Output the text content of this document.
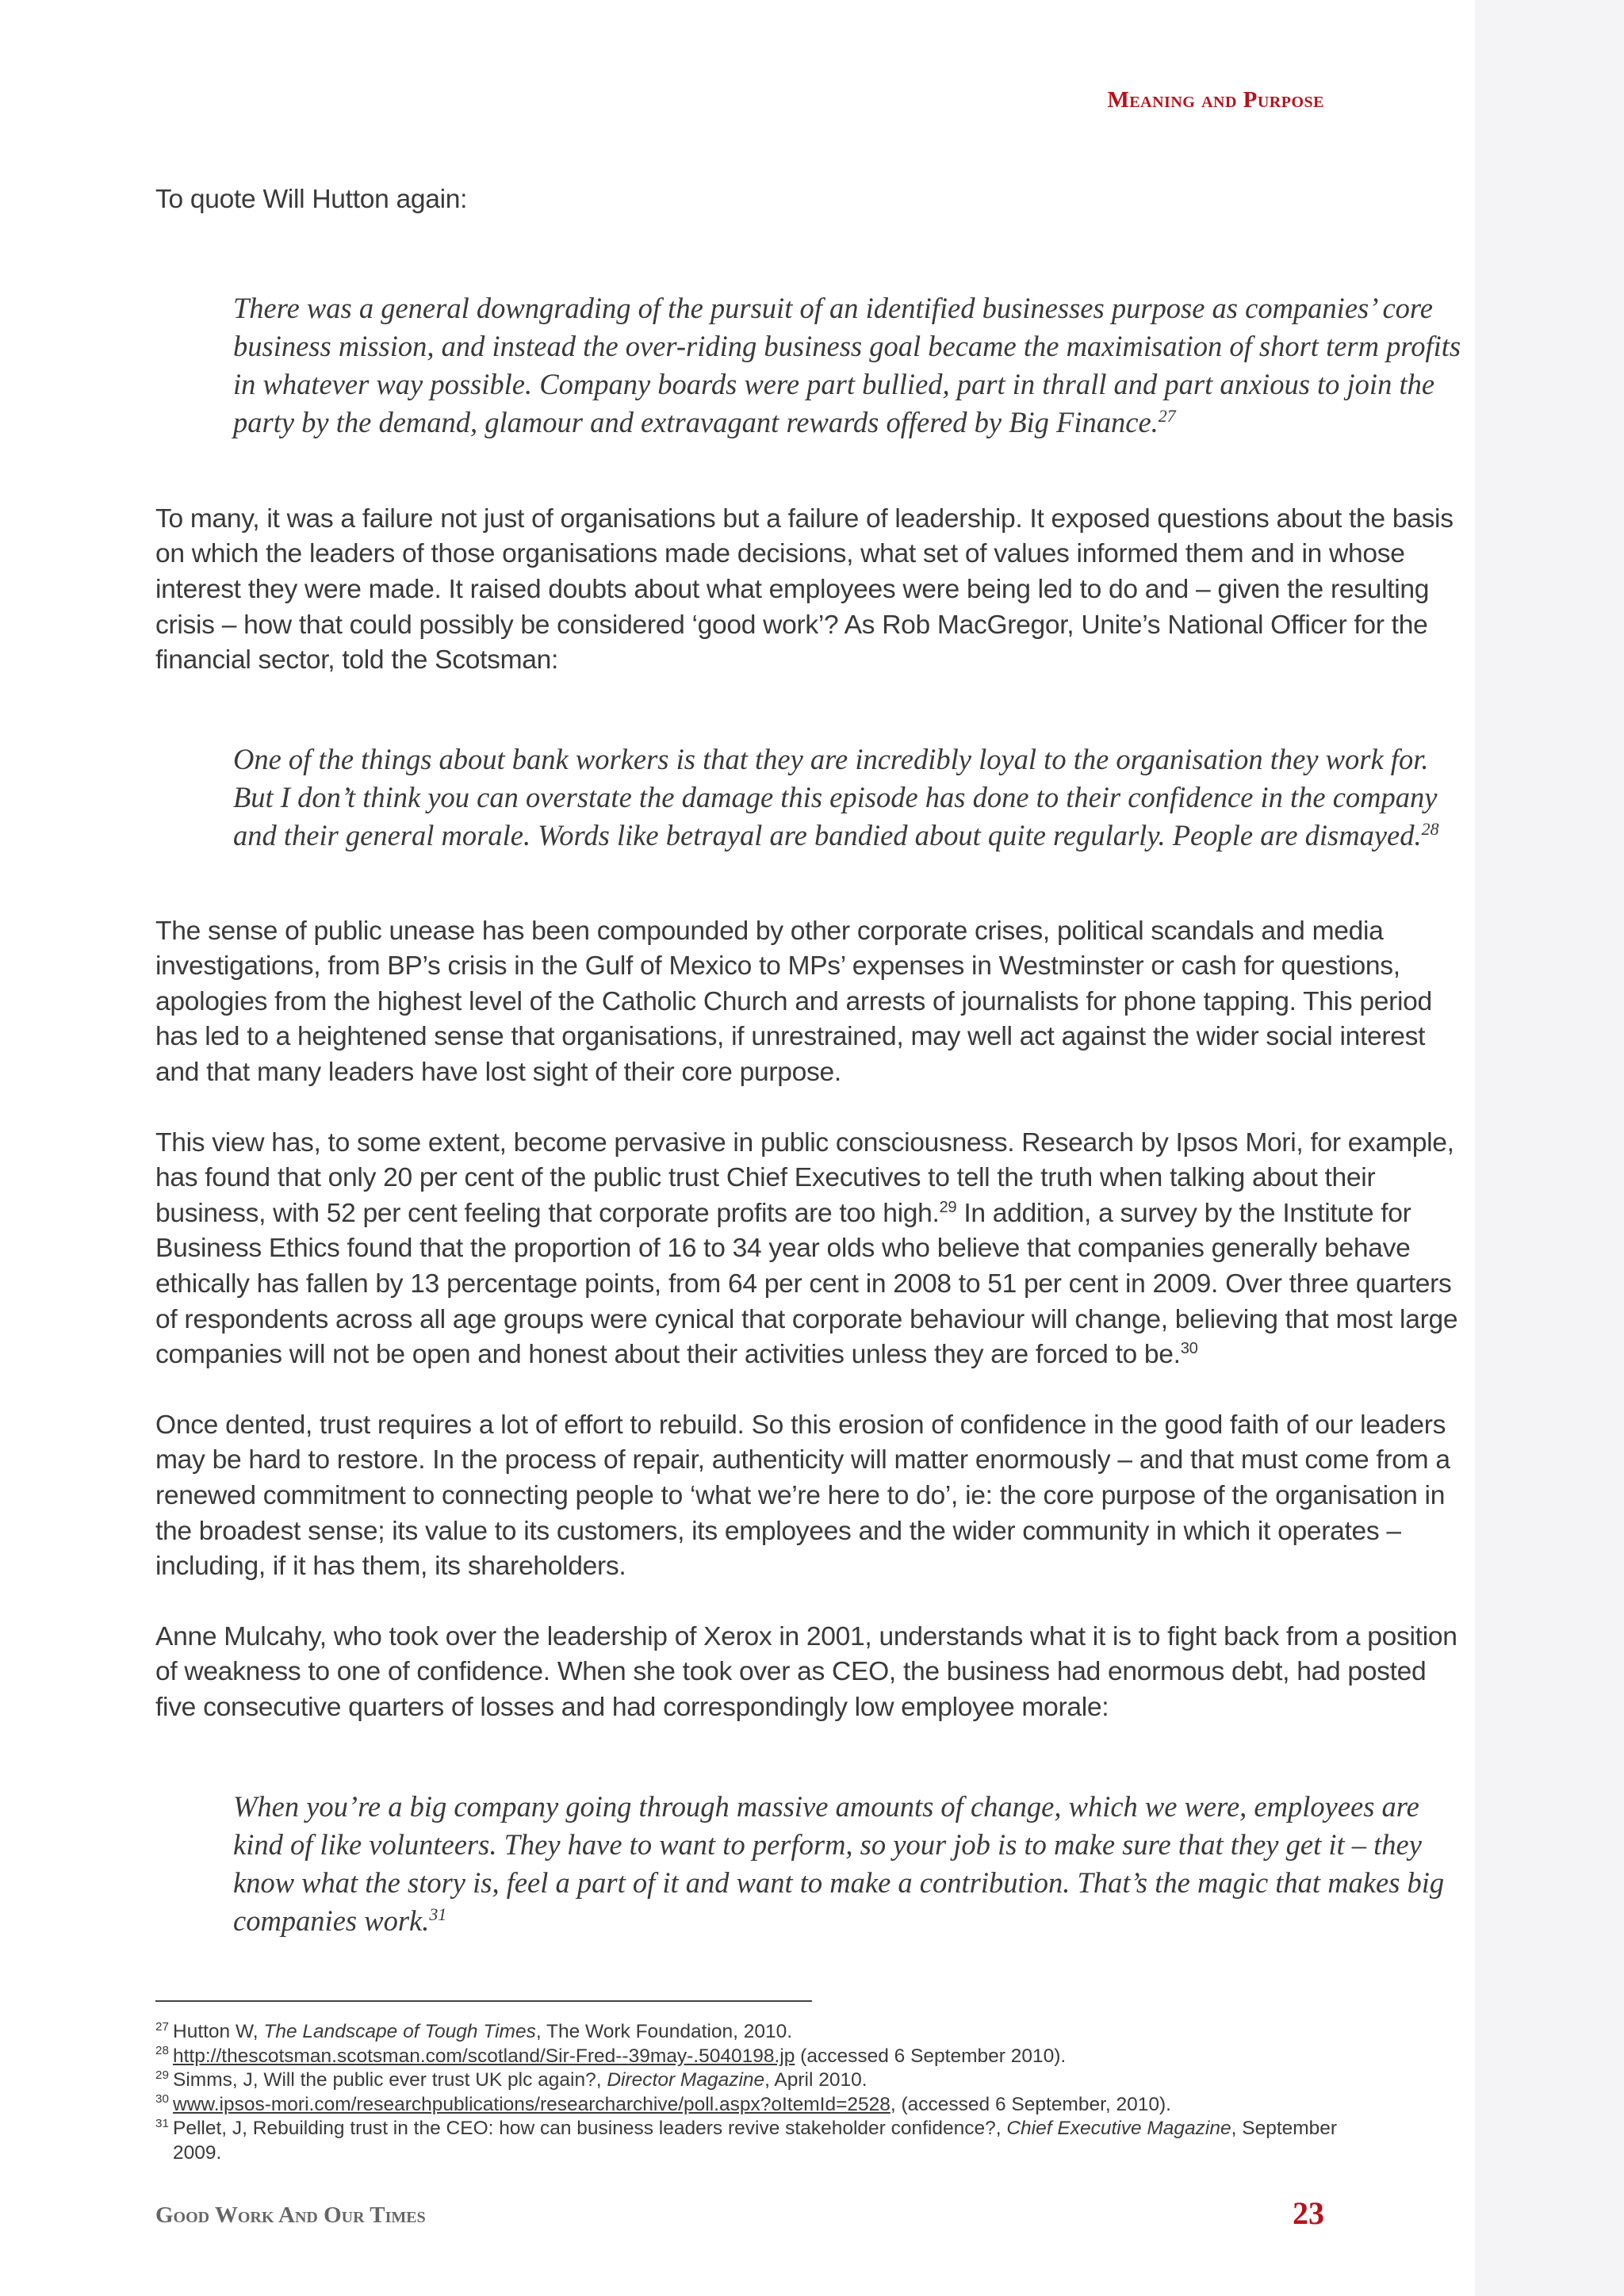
Meaning and Purpose

To quote Will Hutton again:

There was a general downgrading of the pursuit of an identified businesses purpose as companies’ core business mission, and instead the over-riding business goal became the maximisation of short term profits in whatever way possible. Company boards were part bullied, part in thrall and part anxious to join the party by the demand, glamour and extravagant rewards offered by Big Finance.$^{27}$

To many, it was a failure not just of organisations but a failure of leadership. It exposed questions about the basis on which the leaders of those organisations made decisions, what set of values informed them and in whose interest they were made. It raised doubts about what employees were being led to do and – given the resulting crisis – how that could possibly be considered ‘good work’? As Rob MacGregor, Unite’s National Officer for the financial sector, told the Scotsman:

One of the things about bank workers is that they are incredibly loyal to the organisation they work for. But I don’t think you can overstate the damage this episode has done to their confidence in the company and their general morale. Words like betrayal are bandied about quite regularly. People are dismayed.$^{28}$

The sense of public unease has been compounded by other corporate crises, political scandals and media investigations, from BP’s crisis in the Gulf of Mexico to MPs’ expenses in Westminster or cash for questions, apologies from the highest level of the Catholic Church and arrests of journalists for phone tapping. This period has led to a heightened sense that organisations, if unrestrained, may well act against the wider social interest and that many leaders have lost sight of their core purpose.

This view has, to some extent, become pervasive in public consciousness. Research by Ipsos Mori, for example, has found that only 20 per cent of the public trust Chief Executives to tell the truth when talking about their business, with 52 per cent feeling that corporate profits are too high.$^{29}$ In addition, a survey by the Institute for Business Ethics found that the proportion of 16 to 34 year olds who believe that companies generally behave ethically has fallen by 13 percentage points, from 64 per cent in 2008 to 51 per cent in 2009. Over three quarters of respondents across all age groups were cynical that corporate behaviour will change, believing that most large companies will not be open and honest about their activities unless they are forced to be.$^{30}$

Once dented, trust requires a lot of effort to rebuild. So this erosion of confidence in the good faith of our leaders may be hard to restore. In the process of repair, authenticity will matter enormously – and that must come from a renewed commitment to connecting people to ‘what we’re here to do’, ie: the core purpose of the organisation in the broadest sense; its value to its customers, its employees and the wider community in which it operates – including, if it has them, its shareholders.

Anne Mulcahy, who took over the leadership of Xerox in 2001, understands what it is to fight back from a position of weakness to one of confidence. When she took over as CEO, the business had enormous debt, had posted five consecutive quarters of losses and had correspondingly low employee morale:

When you’re a big company going through massive amounts of change, which we were, employees are kind of like volunteers. They have to want to perform, so your job is to make sure that they get it – they know what the story is, feel a part of it and want to make a contribution. That’s the magic that makes big companies work.$^{31}$

27 Hutton W, The Landscape of Tough Times, The Work Foundation, 2010.

28 http://thescotsman.scotsman.com/scotland/Sir-Fred--39may-.5040198.jp (accessed 6 September 2010).

29 Simms, J, Will the public ever trust UK plc again?, Director Magazine, April 2010.

30 www.ipsos-mori.com/researchpublications/researcharchive/poll.aspx?oItemId=2528, (accessed 6 September, 2010).

31 Pellet, J, Rebuilding trust in the CEO: how can business leaders revive stakeholder confidence?, Chief Executive Magazine, September 2009.

Good Work And Our Times	23
